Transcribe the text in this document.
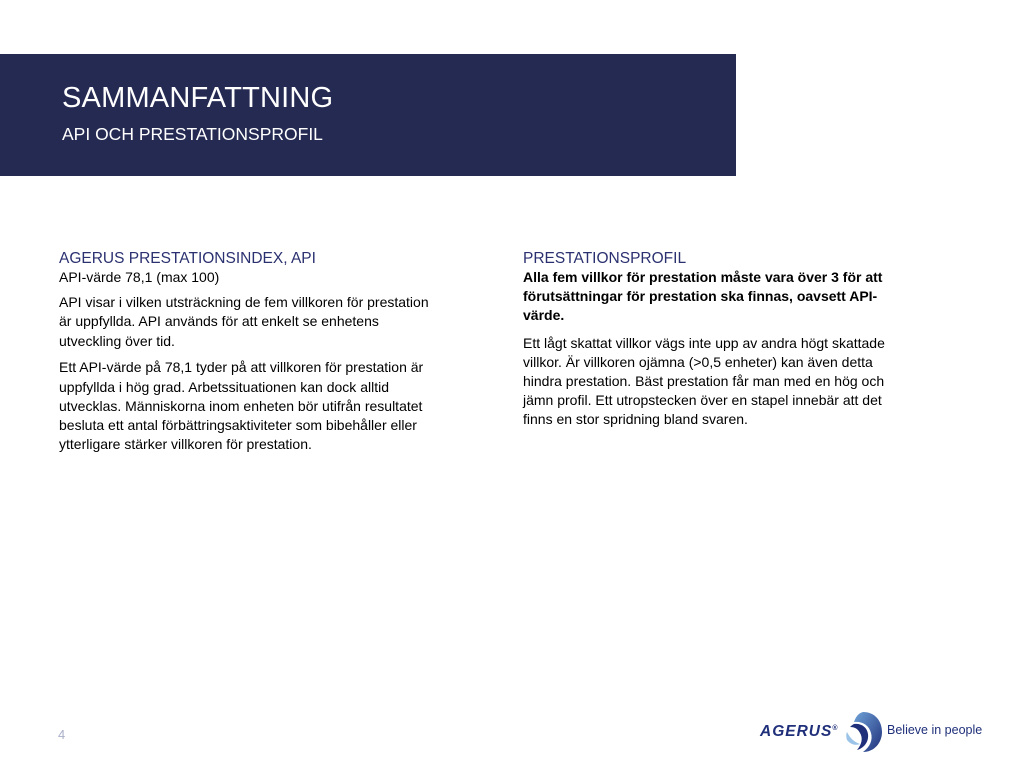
SAMMANFATTNING
API OCH PRESTATIONSPROFIL
AGERUS PRESTATIONSINDEX, API

API-värde 78,1 (max 100)

API visar i vilken utsträckning de fem villkoren för prestation är uppfyllda. API används för att enkelt se enhetens utveckling över tid.

Ett API-värde på 78,1 tyder på att villkoren för prestation är uppfyllda i hög grad. Arbetssituationen kan dock alltid utvecklas. Människorna inom enheten bör utifrån resultatet besluta ett antal förbättringsaktiviteter som bibehåller eller ytterligare stärker villkoren för prestation.

PRESTATIONSPROFIL

Alla fem villkor för prestation måste vara över 3 för att förutsättningar för prestation ska finnas, oavsett API-värde.

Ett lågt skattat villkor vägs inte upp av andra högt skattade villkor. Är villkoren ojämna (>0,5 enheter) kan även detta hindra prestation. Bäst prestation får man med en hög och jämn profil. Ett utropstecken över en stapel innebär att det finns en stor spridning bland svaren.

4	AGERUS®	Believe in people
